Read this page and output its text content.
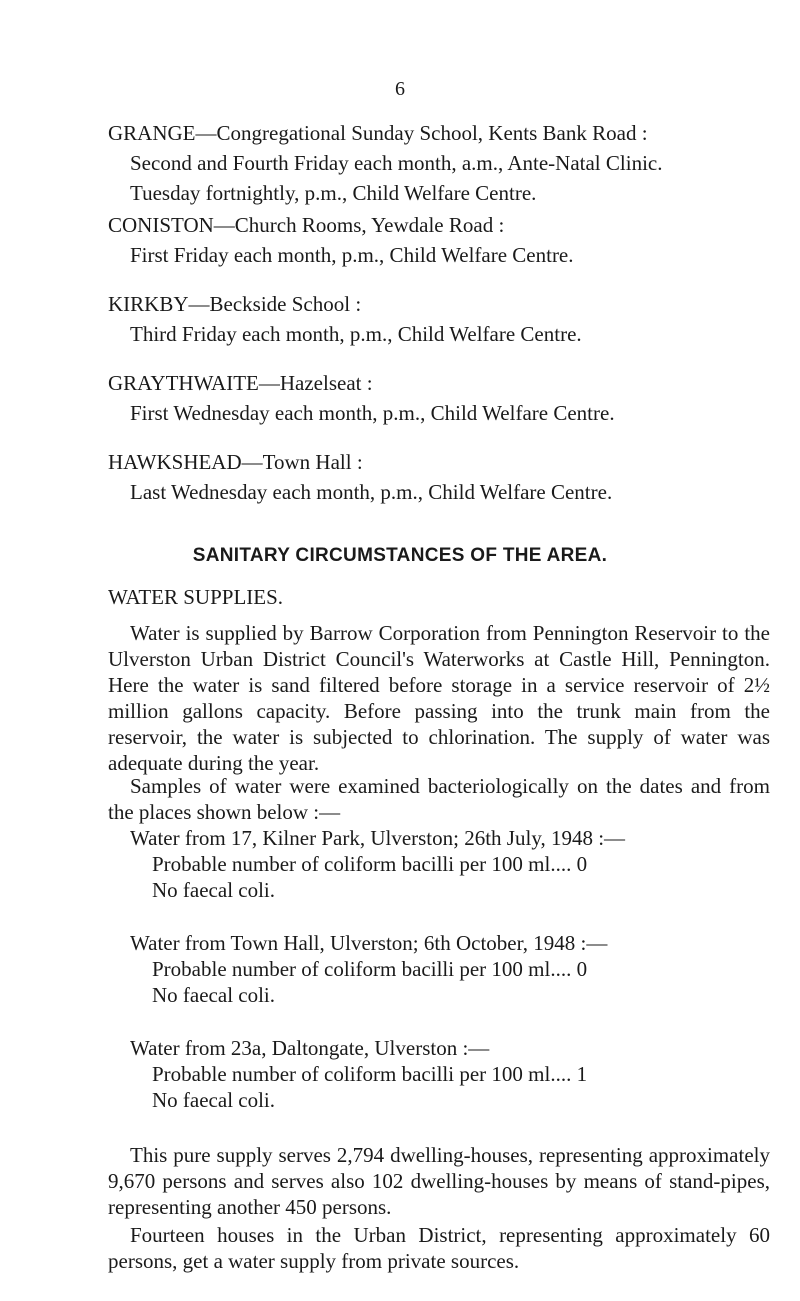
6
GRANGE—Congregational Sunday School, Kents Bank Road :
Second and Fourth Friday each month, a.m., Ante-Natal Clinic.
Tuesday fortnightly, p.m., Child Welfare Centre.
CONISTON—Church Rooms, Yewdale Road :
First Friday each month, p.m., Child Welfare Centre.
KIRKBY—Beckside School :
Third Friday each month, p.m., Child Welfare Centre.
GRAYTHWAITE—Hazelseat :
First Wednesday each month, p.m., Child Welfare Centre.
HAWKSHEAD—Town Hall :
Last Wednesday each month, p.m., Child Welfare Centre.
SANITARY CIRCUMSTANCES OF THE AREA.
WATER SUPPLIES.

Water is supplied by Barrow Corporation from Pennington Reservoir to the Ulverston Urban District Council's Waterworks at Castle Hill, Pennington. Here the water is sand filtered before storage in a service reservoir of 2½ million gallons capacity. Before passing into the trunk main from the reservoir, the water is subjected to chlorination. The supply of water was adequate during the year.

Samples of water were examined bacteriologically on the dates and from the places shown below :—

Water from 17, Kilner Park, Ulverston; 26th July, 1948 :—
Probable number of coliform bacilli per 100 ml.... 0
No faecal coli.
Water from Town Hall, Ulverston; 6th October, 1948 :—
Probable number of coliform bacilli per 100 ml.... 0
No faecal coli.
Water from 23a, Daltongate, Ulverston :—
Probable number of coliform bacilli per 100 ml.... 1
No faecal coli.

This pure supply serves 2,794 dwelling-houses, representing approximately 9,670 persons and serves also 102 dwelling-houses by means of stand-pipes, representing another 450 persons.

Fourteen houses in the Urban District, representing approximately 60 persons, get a water supply from private sources.
